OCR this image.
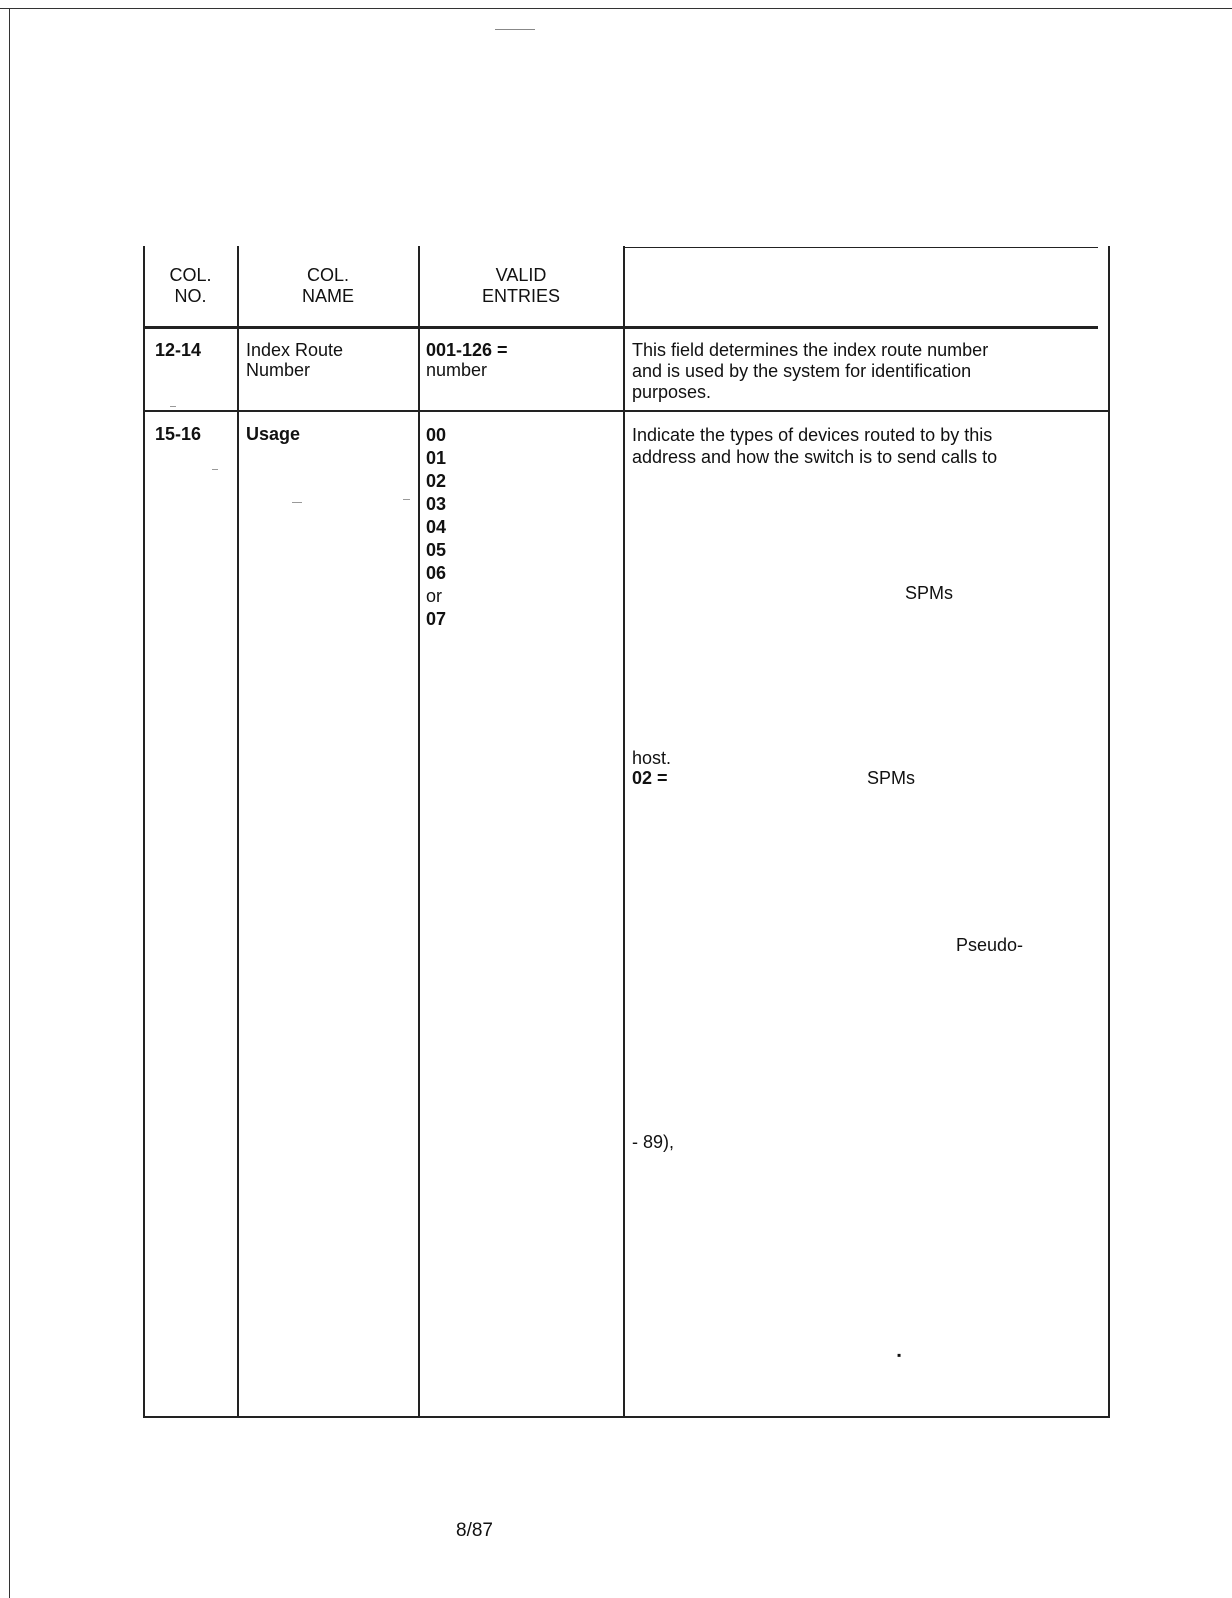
COL.
NO.
COL.
NAME
VALID
ENTRIES
12-14 Index Route
Number
001-126 =
number
This field determines the index route number
and is used by the system for identification
purposes.
15-16 Usage	00
01
02
03
04
05
06
or
07
Indicate the types of devices routed to by this
address and how the switch is to send calls to
SPMs
host.
02 =	SPMs
Pseudo-
- 89),
▪
8/87
